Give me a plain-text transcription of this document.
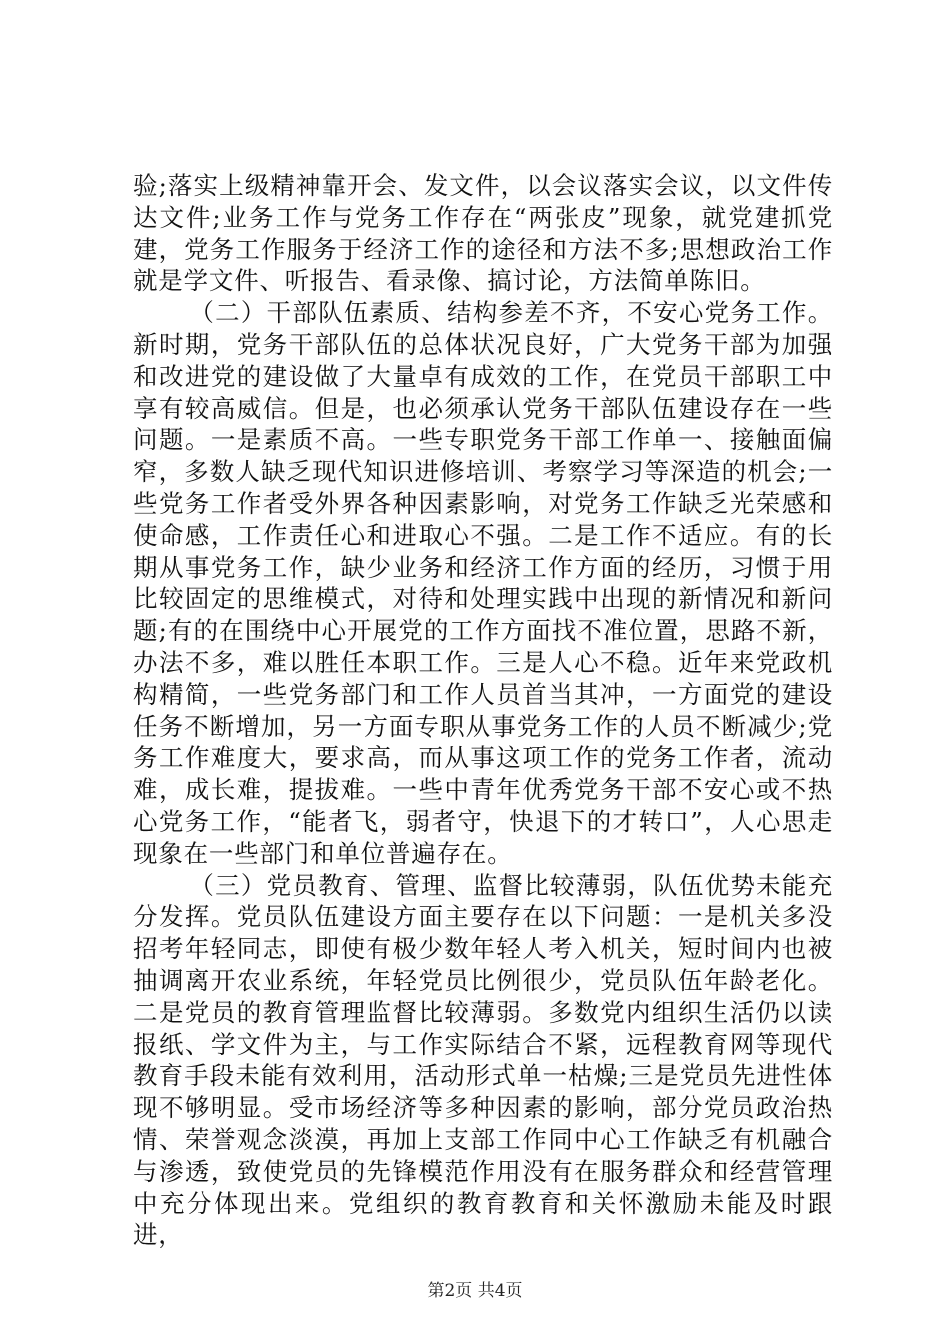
验;落实上级精神靠开会、发文件，以会议落实会议，以文件传达文件;业务工作与党务工作存在“两张皮”现象，就党建抓党建，党务工作服务于经济工作的途径和方法不多;思想政治工作就是学文件、听报告、看录像、搞讨论，方法简单陈旧。

（二）干部队伍素质、结构参差不齐，不安心党务工作。新时期，党务干部队伍的总体状况良好，广大党务干部为加强和改进党的建设做了大量卓有成效的工作，在党员干部职工中享有较高威信。但是，也必须承认党务干部队伍建设存在一些问题。一是素质不高。一些专职党务干部工作单一、接触面偏窄，多数人缺乏现代知识进修培训、考察学习等深造的机会;一些党务工作者受外界各种因素影响，对党务工作缺乏光荣感和使命感，工作责任心和进取心不强。二是工作不适应。有的长期从事党务工作，缺少业务和经济工作方面的经历，习惯于用比较固定的思维模式，对待和处理实践中出现的新情况和新问题;有的在围绕中心开展党的工作方面找不准位置，思路不新，办法不多，难以胜任本职工作。三是人心不稳。近年来党政机构精简，一些党务部门和工作人员首当其冲，一方面党的建设任务不断增加，另一方面专职从事党务工作的人员不断减少;党务工作难度大，要求高，而从事这项工作的党务工作者，流动难，成长难，提拔难。一些中青年优秀党务干部不安心或不热心党务工作，“能者飞，弱者守，快退下的才转口”，人心思走现象在一些部门和单位普遍存在。

（三）党员教育、管理、监督比较薄弱，队伍优势未能充分发挥。党员队伍建设方面主要存在以下问题：一是机关多没招考年轻同志，即使有极少数年轻人考入机关，短时间内也被抽调离开农业系统，年轻党员比例很少，党员队伍年龄老化。二是党员的教育管理监督比较薄弱。多数党内组织生活仍以读报纸、学文件为主，与工作实际结合不紧，远程教育网等现代教育手段未能有效利用，活动形式单一枯燥;三是党员先进性体现不够明显。受市场经济等多种因素的影响，部分党员政治热情、荣誉观念淡漠，再加上支部工作同中心工作缺乏有机融合与渗透，致使党员的先锋模范作用没有在服务群众和经营管理中充分体现出来。党组织的教育教育和关怀激励未能及时跟进，

第2页 共4页
